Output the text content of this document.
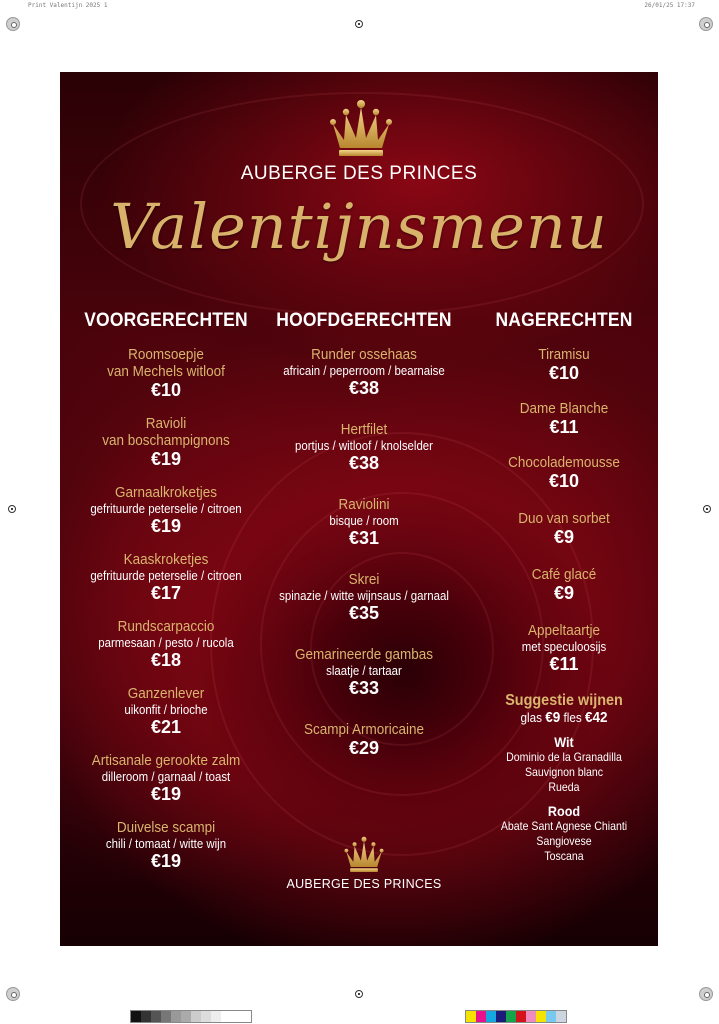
Print Valentijn 2025 1	26/01/25 17:37
AUBERGE DES PRINCES
Valentijnsmenu
VOORGERECHTEN
Roomsoepje
van Mechels witloof
€10
Ravioli
van boschampignons
€19
Garnaalkroketjes
gefrituurde peterselie / citroen
€19
Kaaskroketjes
gefrituurde peterselie / citroen
€17
Rundscarpaccio
parmesaan / pesto / rucola
€18
Ganzenlever
uikonfit / brioche
€21
Artisanale gerookte zalm
dilleroom / garnaal / toast
€19
Duivelse scampi
chili / tomaat / witte wijn
€19
HOOFDGERECHTEN
Runder ossehaas
africain / peperroom / bearnaise
€38
Hertfilet
portjus / witloof / knolselder
€38
Raviolini
bisque / room
€31
Skrei
spinazie / witte wijnsaus / garnaal
€35
Gemarineerde gambas
slaatje / tartaar
€33
Scampi Armoricaine
€29
NAGERECHTEN
Tiramisu
€10
Dame Blanche
€11
Chocolademousse
€10
Duo van sorbet
€9
Café glacé
€9
Appeltaartje
met speculoosijs
€11
Suggestie wijnen
glas €9 fles €42
Wit
Dominio de la Granadilla
Sauvignon blanc
Rueda
Rood
Abate Sant Agnese Chianti
Sangiovese
Toscana
AUBERGE DES PRINCES
